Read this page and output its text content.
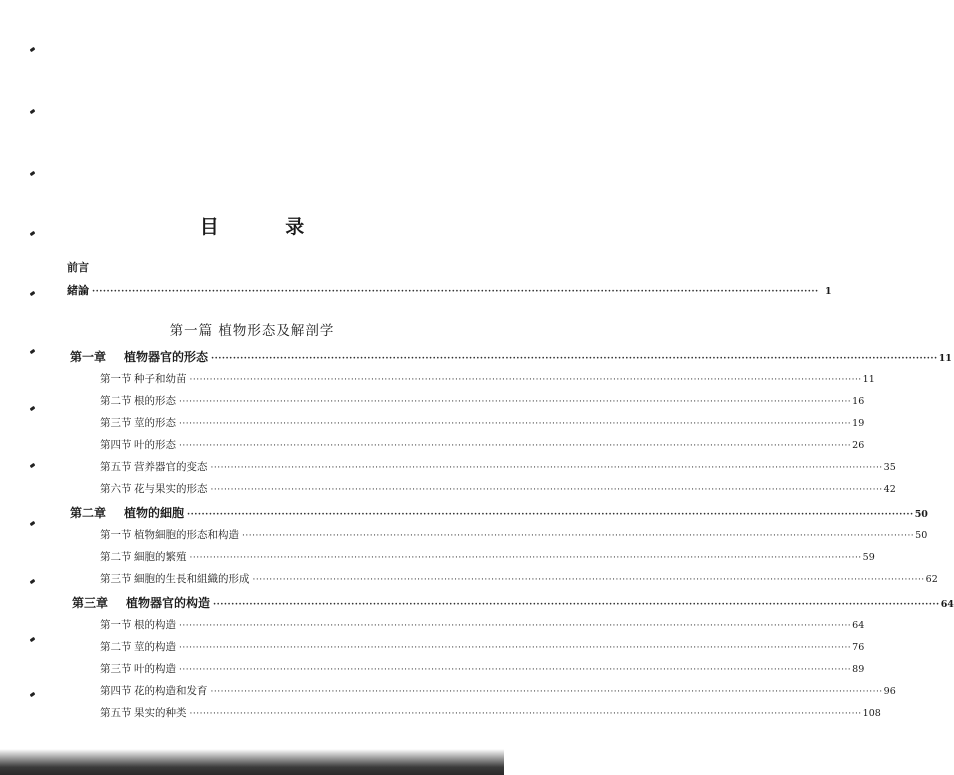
目 录
前言
緒論 ········································································································································································································ 1
第一篇 植物形态及解剖学
第一章	植物器官的形态 ········································································································································································································ 11
第一节 种子和幼苗 ········································································································································································································ 11
第二节 根的形态 ········································································································································································································ 16
第三节 莖的形态 ········································································································································································································ 19
第四节 叶的形态 ········································································································································································································ 26
第五节 营养器官的变态 ········································································································································································································ 35
第六节 花与果实的形态 ········································································································································································································ 42
第二章	植物的細胞 ········································································································································································································ 50
第一节 植物細胞的形态和构造 ········································································································································································································ 50
第二节 細胞的繁殖 ········································································································································································································ 59
第三节 細胞的生長和組織的形成 ········································································································································································································ 62
第三章	植物器官的构造 ········································································································································································································ 64
第一节 根的构造 ········································································································································································································ 64
第二节 莖的构造 ········································································································································································································ 76
第三节 叶的构造 ········································································································································································································ 89
第四节 花的构造和发育 ········································································································································································································ 96
第五节 果实的种类 ········································································································································································································ 108
